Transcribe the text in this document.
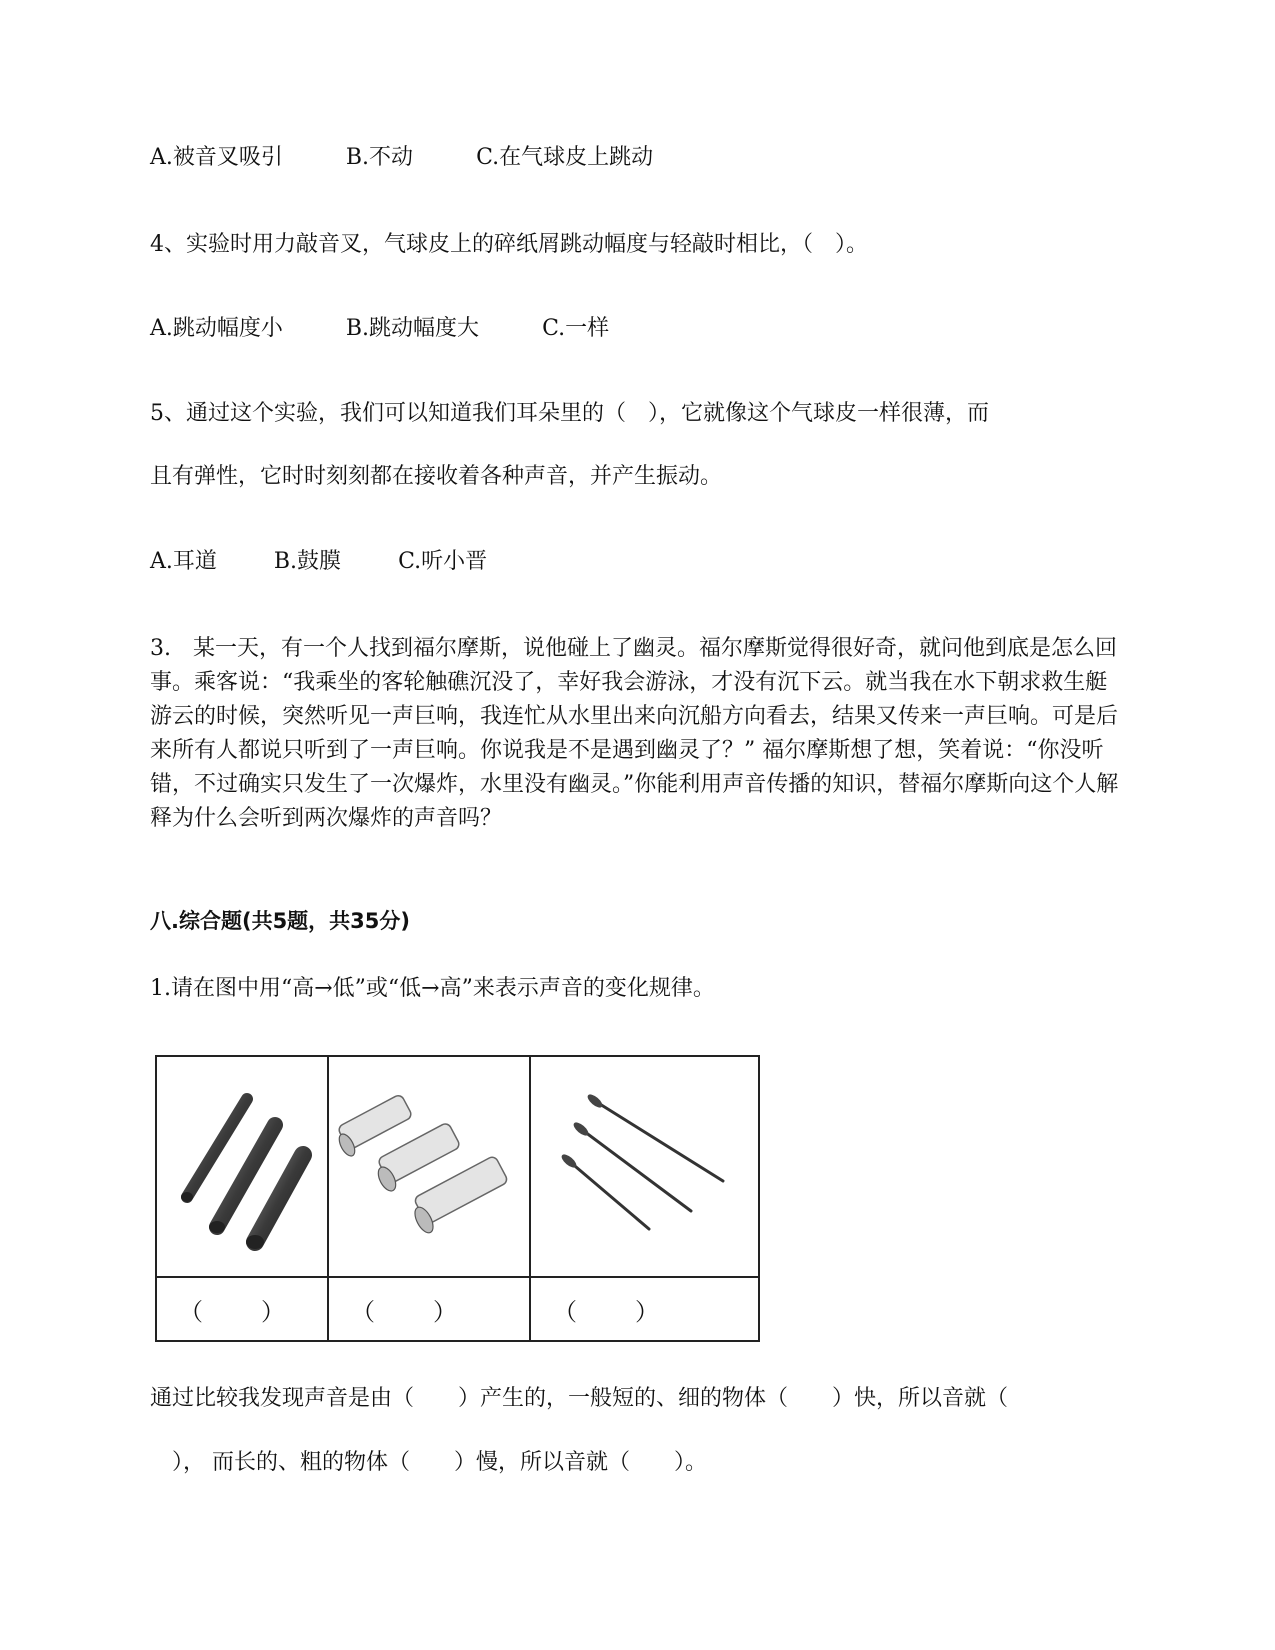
A.被音叉吸引	B.不动	C.在气球皮上跳动
4、实验时用力敲音叉，气球皮上的碎纸屑跳动幅度与轻敲时相比，（　）。
A.跳动幅度小	B.跳动幅度大	C.一样
5、通过这个实验，我们可以知道我们耳朵里的（　），它就像这个气球皮一样很薄，而
且有弹性，它时时刻刻都在接收着各种声音，并产生振动。
A.耳道	B.鼓膜	C.听小晋
3.　某一天，有一个人找到福尔摩斯，说他碰上了幽灵。福尔摩斯觉得很好奇，就问他到底是怎么回事。乘客说：“我乘坐的客轮触礁沉没了，幸好我会游泳，才没有沉下云。就当我在水下朝求救生艇游云的时候，突然听见一声巨响，我连忙从水里出来向沉船方向看去，结果又传来一声巨响。可是后来所有人都说只听到了一声巨响。你说我是不是遇到幽灵了？” 福尔摩斯想了想，笑着说：“你没听错，不过确实只发生了一次爆炸，水里没有幽灵。”你能利用声音传播的知识，替福尔摩斯向这个人解释为什么会听到两次爆炸的声音吗？
八.综合题(共5题，共35分)
1.请在图中用“高→低”或“低→高”来表示声音的变化规律。

（ ）	（ ）	（ ）
通过比较我发现声音是由（　　）产生的，一般短的、细的物体（　　）快，所以音就（
　）， 而长的、粗的物体（　　）慢，所以音就（　　）。
